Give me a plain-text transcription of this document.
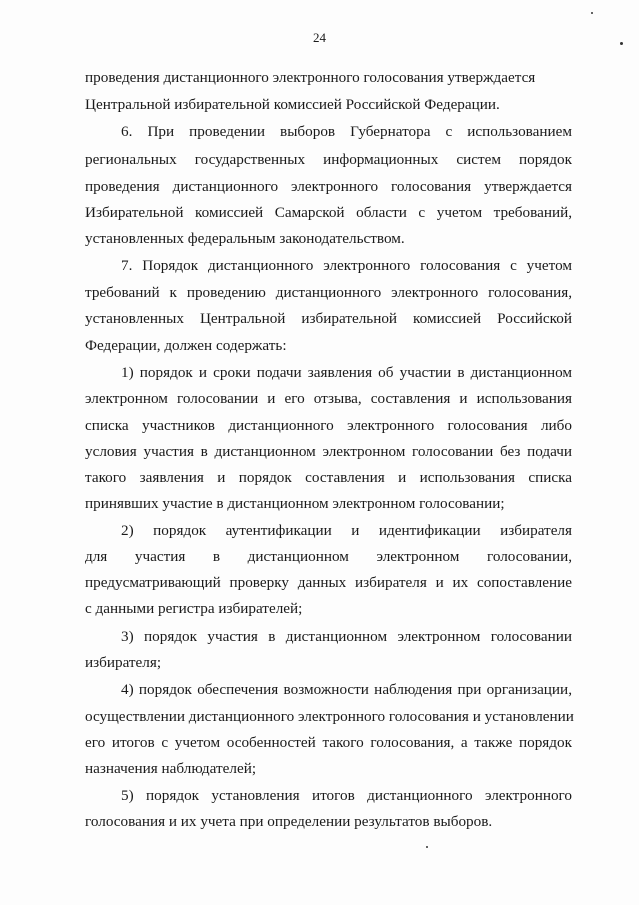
24
проведения дистанционного электронного голосования утверждается
Центральной избирательной комиссией Российской Федерации.
6. При проведении выборов Губернатора с использованием
региональных государственных информационных систем порядок
проведения дистанционного электронного голосования утверждается
Избирательной комиссией Самарской области с учетом требований,
установленных федеральным законодательством.
7. Порядок дистанционного электронного голосования с учетом
требований к проведению дистанционного электронного голосования,
установленных Центральной избирательной комиссией Российской
Федерации, должен содержать:
1) порядок и сроки подачи заявления об участии в дистанционном
электронном голосовании и его отзыва, составления и использования
списка участников дистанционного электронного голосования либо
условия участия в дистанционном электронном голосовании без подачи
такого заявления и порядок составления и использования списка
принявших участие в дистанционном электронном голосовании;
2) порядок аутентификации и идентификации избирателя
для участия в дистанционном электронном голосовании,
предусматривающий проверку данных избирателя и их сопоставление
с данными регистра избирателей;
3) порядок участия в дистанционном электронном голосовании
избирателя;
4) порядок обеспечения возможности наблюдения при организации,
осуществлении дистанционного электронного голосования и установлении
его итогов с учетом особенностей такого голосования, а также порядок
назначения наблюдателей;
5) порядок установления итогов дистанционного электронного
голосования и их учета при определении результатов выборов.
